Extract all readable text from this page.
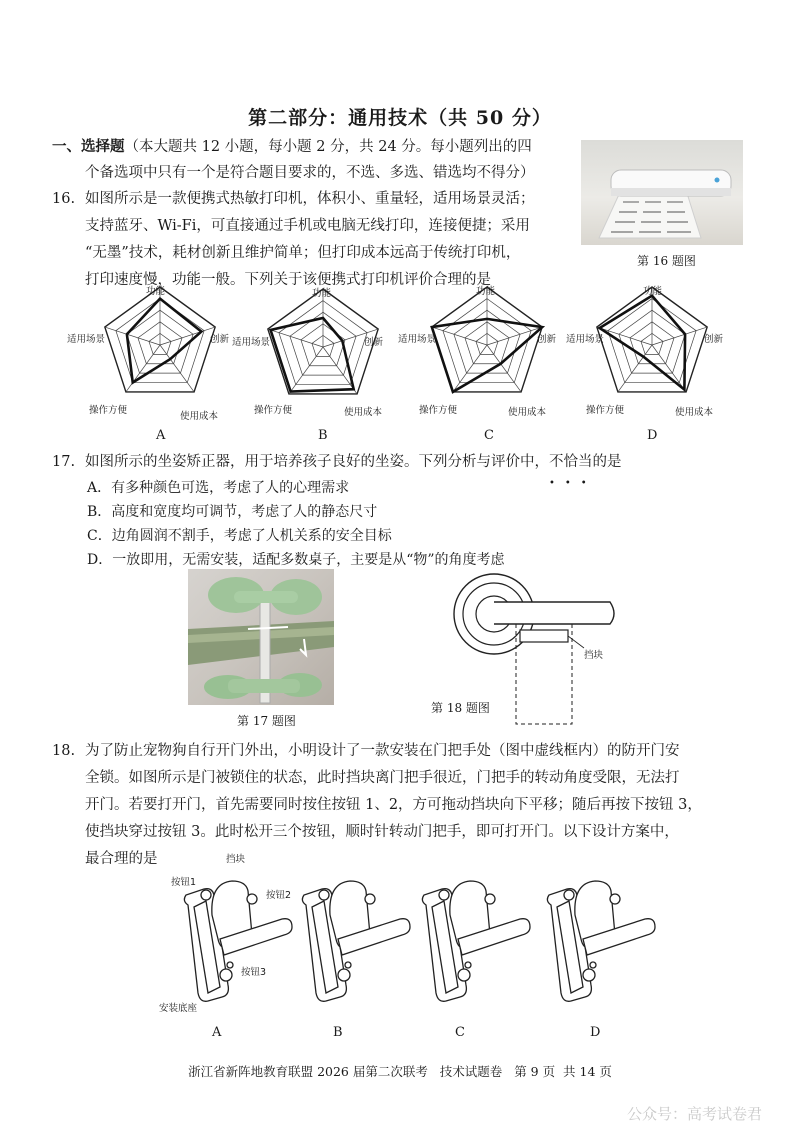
第二部分：通用技术（共 50 分）
一、选择题（本大题共 12 小题，每小题 2 分，共 24 分。每小题列出的四
个备选项中只有一个是符合题目要求的，不选、多选、错选均不得分）
16. 如图所示是一款便携式热敏打印机，体积小、重量轻，适用场景灵活；
支持蓝牙、Wi-Fi，可直接通过手机或电脑无线打印，连接便捷；采用
“无墨”技术，耗材创新且维护简单；但打印成本远高于传统打印机，
打印速度慢，功能一般。下列关于该便携式打印机评价合理的是
第 16 题图
功能
适用场景	创新
操作方便
使用成本
功能
适用场景	创新
操作方便	使用成本
功能
适用场景	创新
操作方便	使用成本
功能
适用场景	创新
操作方便	使用成本
A	B	C	D
17. 如图所示的坐姿矫正器，用于培养孩子良好的坐姿。下列分析与评价中，不恰当
•••
的是
A．有多种颜色可选，考虑了人的心理需求
B．高度和宽度均可调节，考虑了人的静态尺寸
C．边角圆润不割手，考虑了人机关系的安全目标
D．一放即用，无需安装，适配多数桌子，主要是从“物”的角度考虑
第 17 题图
挡块
第 18 题图
18. 为了防止宠物狗自行开门外出，小明设计了一款安装在门把手处（图中虚线框内）的防开门安
全锁。如图所示是门被锁住的状态，此时挡块离门把手很近，门把手的转动角度受限，无法打
开门。若要打开门，首先需要同时按住按钮 1、2，方可拖动挡块向下平移；随后再按下按钮 3，
使挡块穿过按钮 3。此时松开三个按钮，顺时针转动门把手，即可打开门。以下设计方案中，
最合理的是	挡块
按钮1
按钮2
按钮3
安装底座
A	B	C	D
浙江省新阵地教育联盟 2026 届第二次联考   技术试题卷   第 9 页  共 14 页
公众号：高考试卷君
